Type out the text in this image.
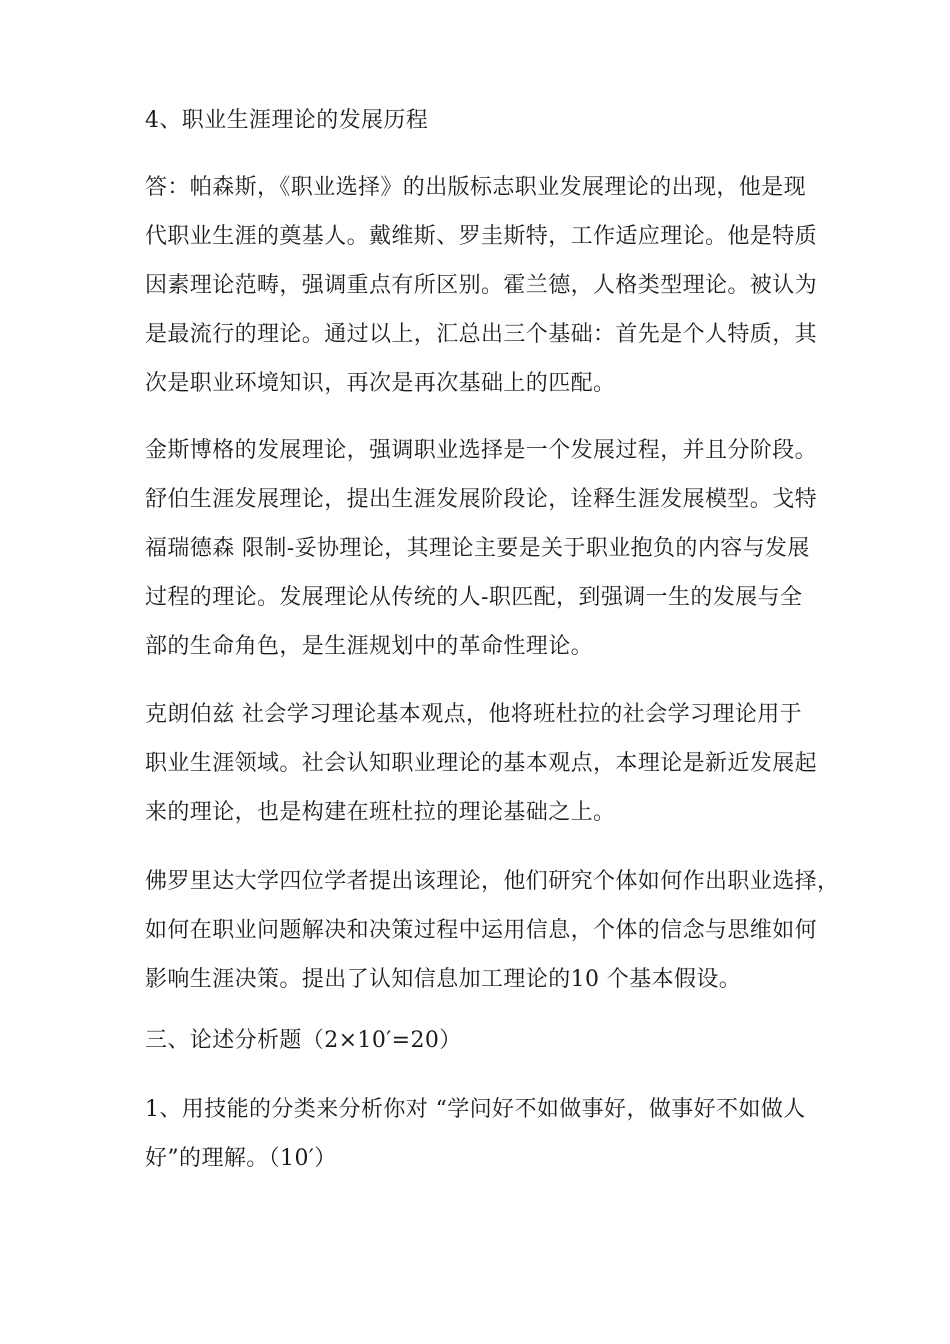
4、职业生涯理论的发展历程

答：帕森斯，《职业选择》的出版标志职业发展理论的出现，他是现
代职业生涯的奠基人。戴维斯、罗圭斯特，工作适应理论。他是特质
因素理论范畴，强调重点有所区别。霍兰德，人格类型理论。被认为
是最流行的理论。通过以上，汇总出三个基础：首先是个人特质，其
次是职业环境知识，再次是再次基础上的匹配。

金斯博格的发展理论，强调职业选择是一个发展过程，并且分阶段。
舒伯生涯发展理论，提出生涯发展阶段论，诠释生涯发展模型。戈特
福瑞德森 限制-妥协理论，其理论主要是关于职业抱负的内容与发展
过程的理论。发展理论从传统的人-职匹配，到强调一生的发展与全
部的生命角色，是生涯规划中的革命性理论。

克朗伯兹 社会学习理论基本观点，他将班杜拉的社会学习理论用于
职业生涯领域。社会认知职业理论的基本观点，本理论是新近发展起
来的理论，也是构建在班杜拉的理论基础之上。

佛罗里达大学四位学者提出该理论，他们研究个体如何作出职业选择，
如何在职业问题解决和决策过程中运用信息，个体的信念与思维如何
影响生涯决策。提出了认知信息加工理论的10 个基本假设。

三、论述分析题（2×10′=20）

1、用技能的分类来分析你对 “学问好不如做事好，做事好不如做人
好”的理解。（10′）
